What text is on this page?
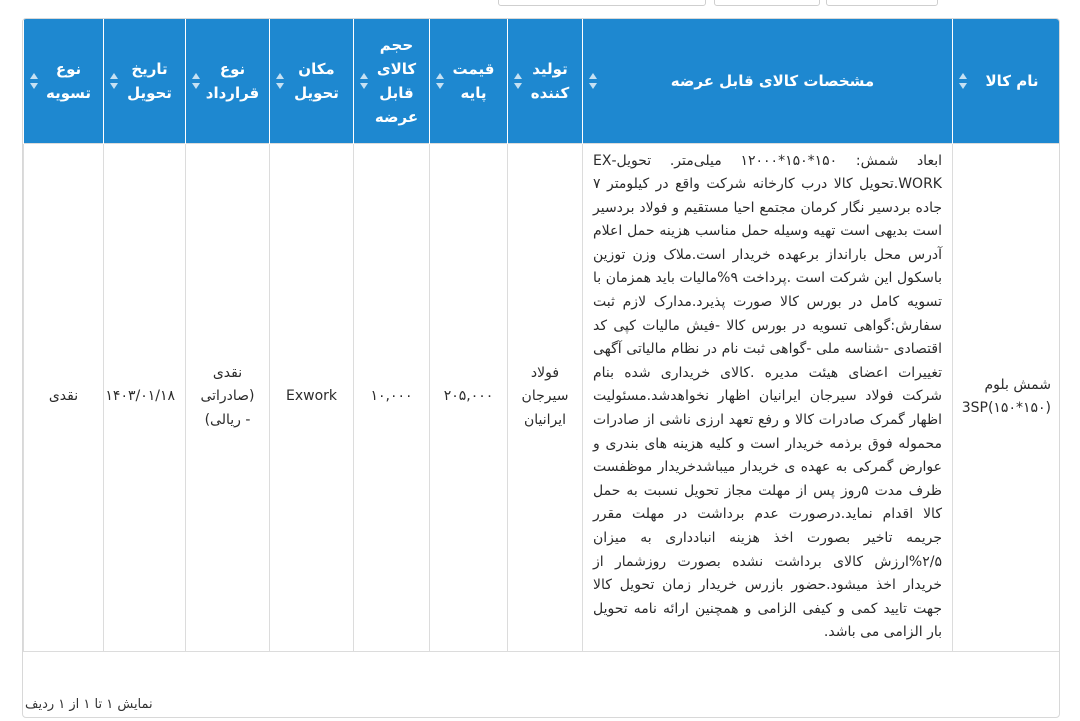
نام کالا	مشخصات کالای قابل عرضه	تولید کننده	قیمت پایه	حجم کالای قابل عرضه	مکان تحویل	نوع قرارداد	تاریخ تحویل	نوع تسویه

شمش بلوم 3SP(۱۵۰*۱۵۰)	ابعاد شمش: ۱۵۰*۱۵۰*۱۲۰۰۰ میلی‌متر. تحویل-EX WORK.تحویل کالا درب کارخانه شرکت واقع در کیلومتر ۷ جاده بردسیر نگار کرمان مجتمع احیا مستقیم و فولاد بردسیر است بدیهی است تهیه وسیله حمل مناسب هزینه حمل اعلام آدرس محل بارانداز برعهده خریدار است.ملاک وزن توزین باسکول این شرکت است .پرداخت ۹%مالیات باید همزمان با تسویه کامل در بورس کالا صورت پذیرد.مدارک لازم ثبت سفارش:گواهی تسویه در بورس کالا -فیش مالیات کپی کد اقتصادی -شناسه ملی -گواهی ثبت نام در نظام مالیاتی آگهی تغییرات اعضای هیئت مدیره .کالای خریداری شده بنام شرکت فولاد سیرجان ایرانیان اظهار نخواهدشد.مسئولیت اظهار گمرک صادرات کالا و رفع تعهد ارزی ناشی از صادرات محموله فوق برذمه خریدار است و کلیه هزینه های بندری و عوارض گمرکی به عهده ی خریدار میباشدخریدار موظفست ظرف مدت ۵روز پس از مهلت مجاز تحویل نسبت به حمل کالا اقدام نماید.درصورت عدم برداشت در مهلت مقرر جریمه تاخیر بصورت اخذ هزینه انبادداری به میزان ۲/۵%ارزش کالای برداشت نشده بصورت روزشمار از خریدار اخذ میشود.حضور بازرس خریدار زمان تحویل کالا جهت تایید کمی و کیفی الزامی و همچنین ارائه نامه تحویل بار الزامی می باشد.	فولاد سیرجان ایرانیان	۲۰۵,۰۰۰	۱۰,۰۰۰	Exwork	نقدی (صادراتی - ریالی)	۱۴۰۳/۰۱/۱۸	نقدی
نمایش ۱ تا ۱ از ۱ ردیف
